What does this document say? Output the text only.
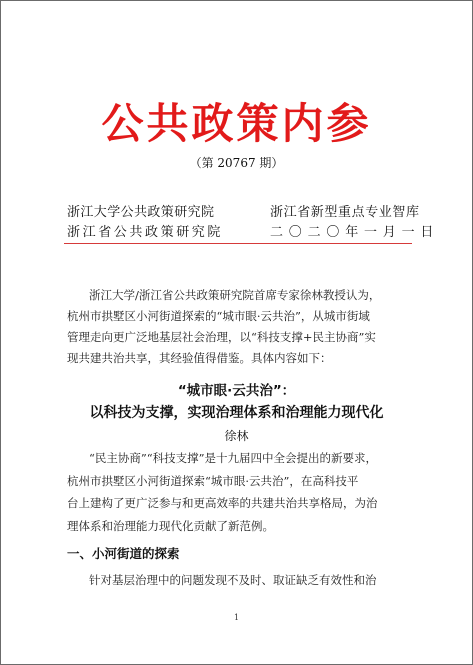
公共政策内参
（第 20767 期）
浙江大学公共政策研究院
浙江省公共政策研究院
浙江省新型重点专业智库
二〇二〇年一月一日
浙江大学/浙江省公共政策研究院首席专家徐林教授认为，
杭州市拱墅区小河街道探索的“城市眼·云共治”，从城市街域
管理走向更广泛地基层社会治理，以“科技支撑+民主协商”实
现共建共治共享，其经验值得借鉴。具体内容如下：
“城市眼·云共治”：
以科技为支撑，实现治理体系和治理能力现代化
徐林
“民主协商”“科技支撑”是十九届四中全会提出的新要求，
杭州市拱墅区小河街道探索“城市眼·云共治”，在高科技平
台上建构了更广泛参与和更高效率的共建共治共享格局，为治
理体系和治理能力现代化贡献了新范例。
一、小河街道的探索
针对基层治理中的问题发现不及时、取证缺乏有效性和治
1
